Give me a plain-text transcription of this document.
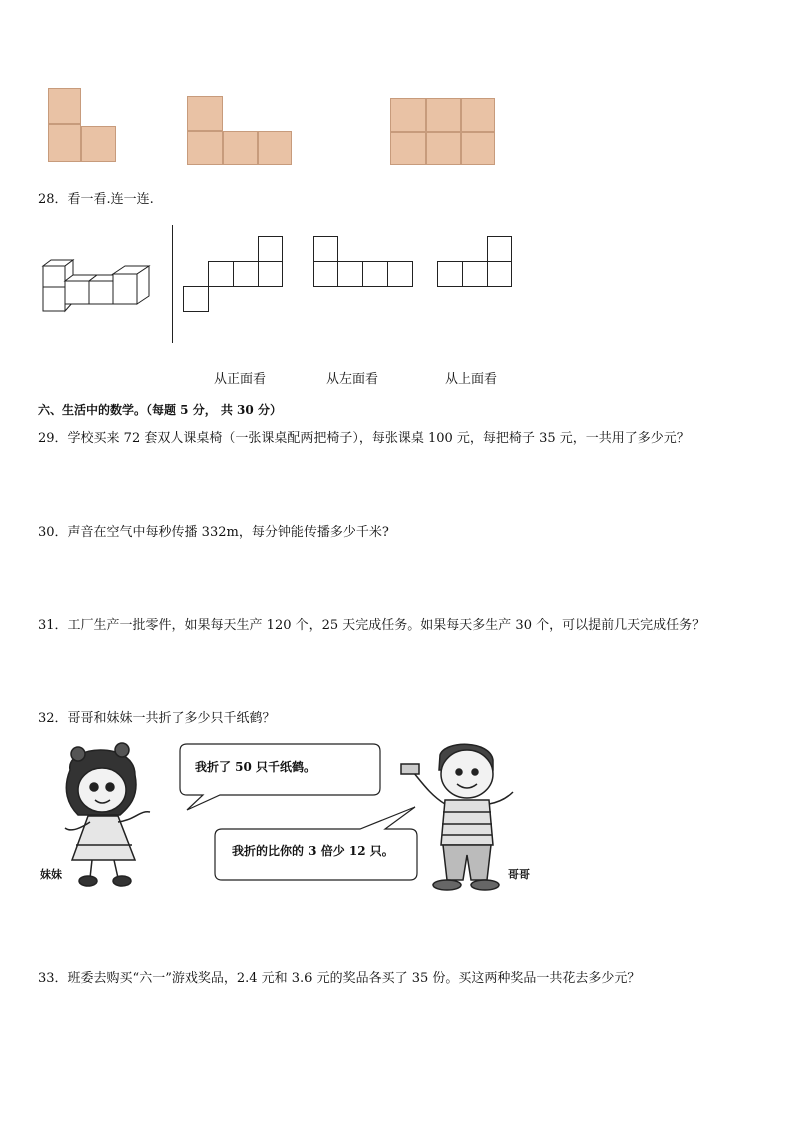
28．看一看.连一连.
从正面看	从左面看	从上面看
六、生活中的数学。（每题 5 分， 共 30 分）
29．学校买来 72 套双人课桌椅（一张课桌配两把椅子），每张课桌 100 元，每把椅子 35 元，一共用了多少元？
30．声音在空气中每秒传播 332m，每分钟能传播多少千米?
31．工厂生产一批零件，如果每天生产 120 个，25 天完成任务。如果每天多生产 30 个，可以提前几天完成任务？
32．哥哥和妹妹一共折了多少只千纸鹤？
妹妹
我折了 50 只千纸鹤。
我折的比你的 3 倍少 12 只。
哥哥
33．班委去购买“六一”游戏奖品，2.4 元和 3.6 元的奖品各买了 35 份。买这两种奖品一共花去多少元？
